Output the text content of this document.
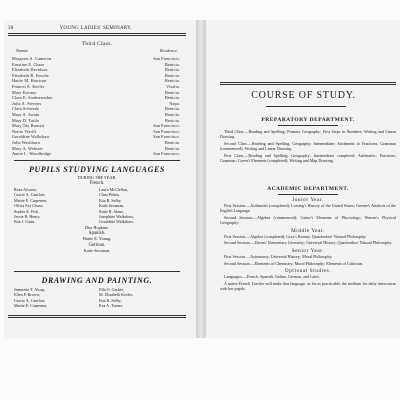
30	YOUNG LADIES' SEMINARY.
Third Class.
Names.	Residence.
Margaret A. Cameron	San Francisco.
Ernstine E. Chase	Benicia.
Elizabeth Davidson	Benicia.
Elizabeth B. Fouche	Benicia.
Hattie M. Harrison	Benicia.
Frances E. Keeler	Visalia.
Mary Korney	Benicia.
Clara E. Stadenwather	Benicia.
Julia A. Stevens	Napa.
Clara Schwede	Benicia.
Mary A. Swain	Benicia.
Mary D. Tuttle	Benicia.
Mary Tay Burnett	San Francisco.
Nettie Verrill	San Francisco.
Geraldine Walkshaw	San Francisco.
Julia Washburn	Benicia.
Mary A. Webster	Benicia.
Annie L. Woodbridge	San Francisco.
PUPILS STUDYING LANGUAGES
DURING THE YEAR.
French.
Rosa Alvarez,
Gracie A. Cantfort,
Mattie E. Carpenter,
Olivia Fay Chase,
Sophie E. Fisk,
Jessie R. Henry,
Etta J. Gunn,
Laura McClellan,
Clara Pitkin,
Etta R. Selby,
Katie Sessman,
Katie R. Stone,
Josephine Walkshaw,
Geraldine Walkshaw.
Dita Hopkins.
Spanish.
Hattie E. Young.
German.
Katie Sessman.
DRAWING AND PAINTING.
Jeannette T. Alsop,
Ellen F. Brown,
Gracie A. Cantfort,
Mattie E. Carpenter,
Ella O. Gerber,
M. Elizabeth Keeler,
Etta R. Selby,
Eva A. Turner.
COURSE OF STUDY.
PREPARATORY DEPARTMENT.
Third Class.—Reading and Spelling; Primary Geography; First Steps in Numbers; Writing and Linear Drawing.
Second Class.—Reading and Spelling; Geography; Intermediate; Arithmetic to Fractions; Grammar (commenced); Writing and Linear Drawing.
First Class.—Reading and Spelling; Geography; Intermediate completed; Arithmetic; Fractions; Grammar; Green's Elements (completed); Writing and Map Drawing.
ACADEMIC DEPARTMENT.
Junior Year.
First Session.—Arithmetic (completed); Lossing's History of the United States; Greene's Analysis of the English Language.
Second Session.—Algebra (commenced); Cutter's Elements of Physiology; Warren's Physical Geography.
Middle Year.
First Session.—Algebra (completed); Gray's Botany; Quackenbos' Natural Philosophy.
Second Session.—Davies' Elementary Geometry; Universal History; Quackenbos' Natural Philosophy.
Senior Year.
First Session.—Astronomy; Universal History; Moral Philosophy.
Second Session.—Elements of Chemistry; Moral Philosophy; Elements of Criticism.
Optional Studies.
Languages.—French, Spanish, Italian, German, and Latin.
A native French Teacher will make that language, as far as practicable, the medium for daily intercourse with her pupils.
